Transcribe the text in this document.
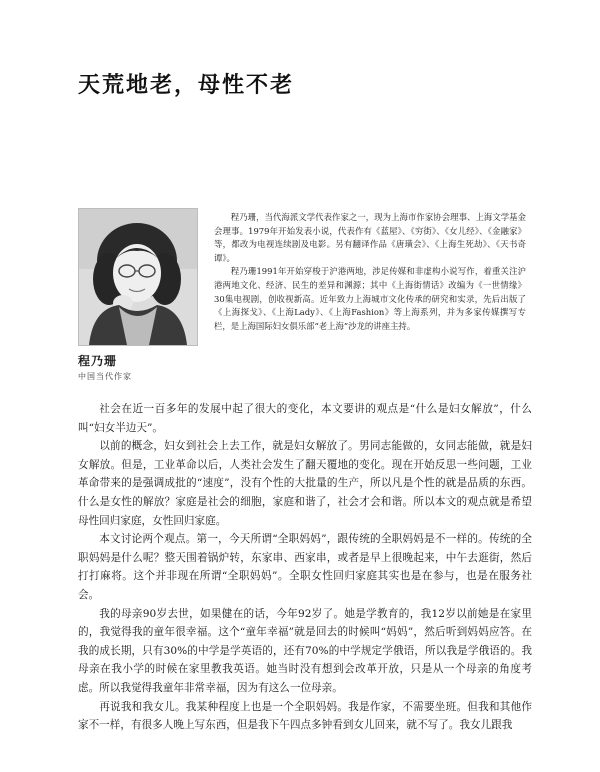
天荒地老，母性不老
程乃珊
中国当代作家

程乃珊，当代海派文学代表作家之一，现为上海市作家协会理事、上海文学基金会理事。1979年开始发表小说，代表作有《蓝屋》、《穷街》、《女儿经》、《金融家》等，都改为电视连续剧及电影。另有翻译作品《唐璜会》、《上海生死劫》、《天书奇谭》。

程乃珊1991年开始穿梭于沪港两地，涉足传媒和非虚构小说写作，着重关注沪港两地文化、经济、民生的差异和渊源；其中《上海街情话》改编为《一世情缘》30集电视剧，创收视新高。近年致力上海城市文化传承的研究和实录，先后出版了《上海探戈》、《上海Lady》、《上海Fashion》等上海系列，并为多家传媒撰写专栏，是上海国际妇女俱乐部“老上海”沙龙的讲座主持。

社会在近一百多年的发展中起了很大的变化，本文要讲的观点是“什么是妇女解放”，什么叫“妇女半边天”。

以前的概念，妇女到社会上去工作，就是妇女解放了。男同志能做的，女同志能做，就是妇女解放。但是，工业革命以后，人类社会发生了翻天覆地的变化。现在开始反思一些问题，工业革命带来的是强调成批的“速度”，没有个性的大批量的生产，所以凡是个性的就是品质的东西。什么是女性的解放？家庭是社会的细胞，家庭和谐了，社会才会和谐。所以本文的观点就是希望母性回归家庭，女性回归家庭。

本文讨论两个观点。第一，今天所谓“全职妈妈”，跟传统的全职妈妈是不一样的。传统的全职妈妈是什么呢？整天围着锅炉转，东家串、西家串，或者是早上很晚起来，中午去逛街，然后打打麻将。这个并非现在所谓“全职妈妈”。全职女性回归家庭其实也是在参与，也是在服务社会。

我的母亲90岁去世，如果健在的话，今年92岁了。她是学教育的，我12岁以前她是在家里的，我觉得我的童年很幸福。这个“童年幸福”就是回去的时候叫“妈妈”，然后听到妈妈应答。在我的成长期，只有30%的中学是学英语的，还有70%的中学规定学俄语，所以我是学俄语的。我母亲在我小学的时候在家里教我英语。她当时没有想到会改革开放，只是从一个母亲的角度考虑。所以我觉得我童年非常幸福，因为有这么一位母亲。

再说我和我女儿。我某种程度上也是一个全职妈妈。我是作家，不需要坐班。但我和其他作家不一样，有很多人晚上写东西，但是我下午四点多钟看到女儿回来，就不写了。我女儿跟我
